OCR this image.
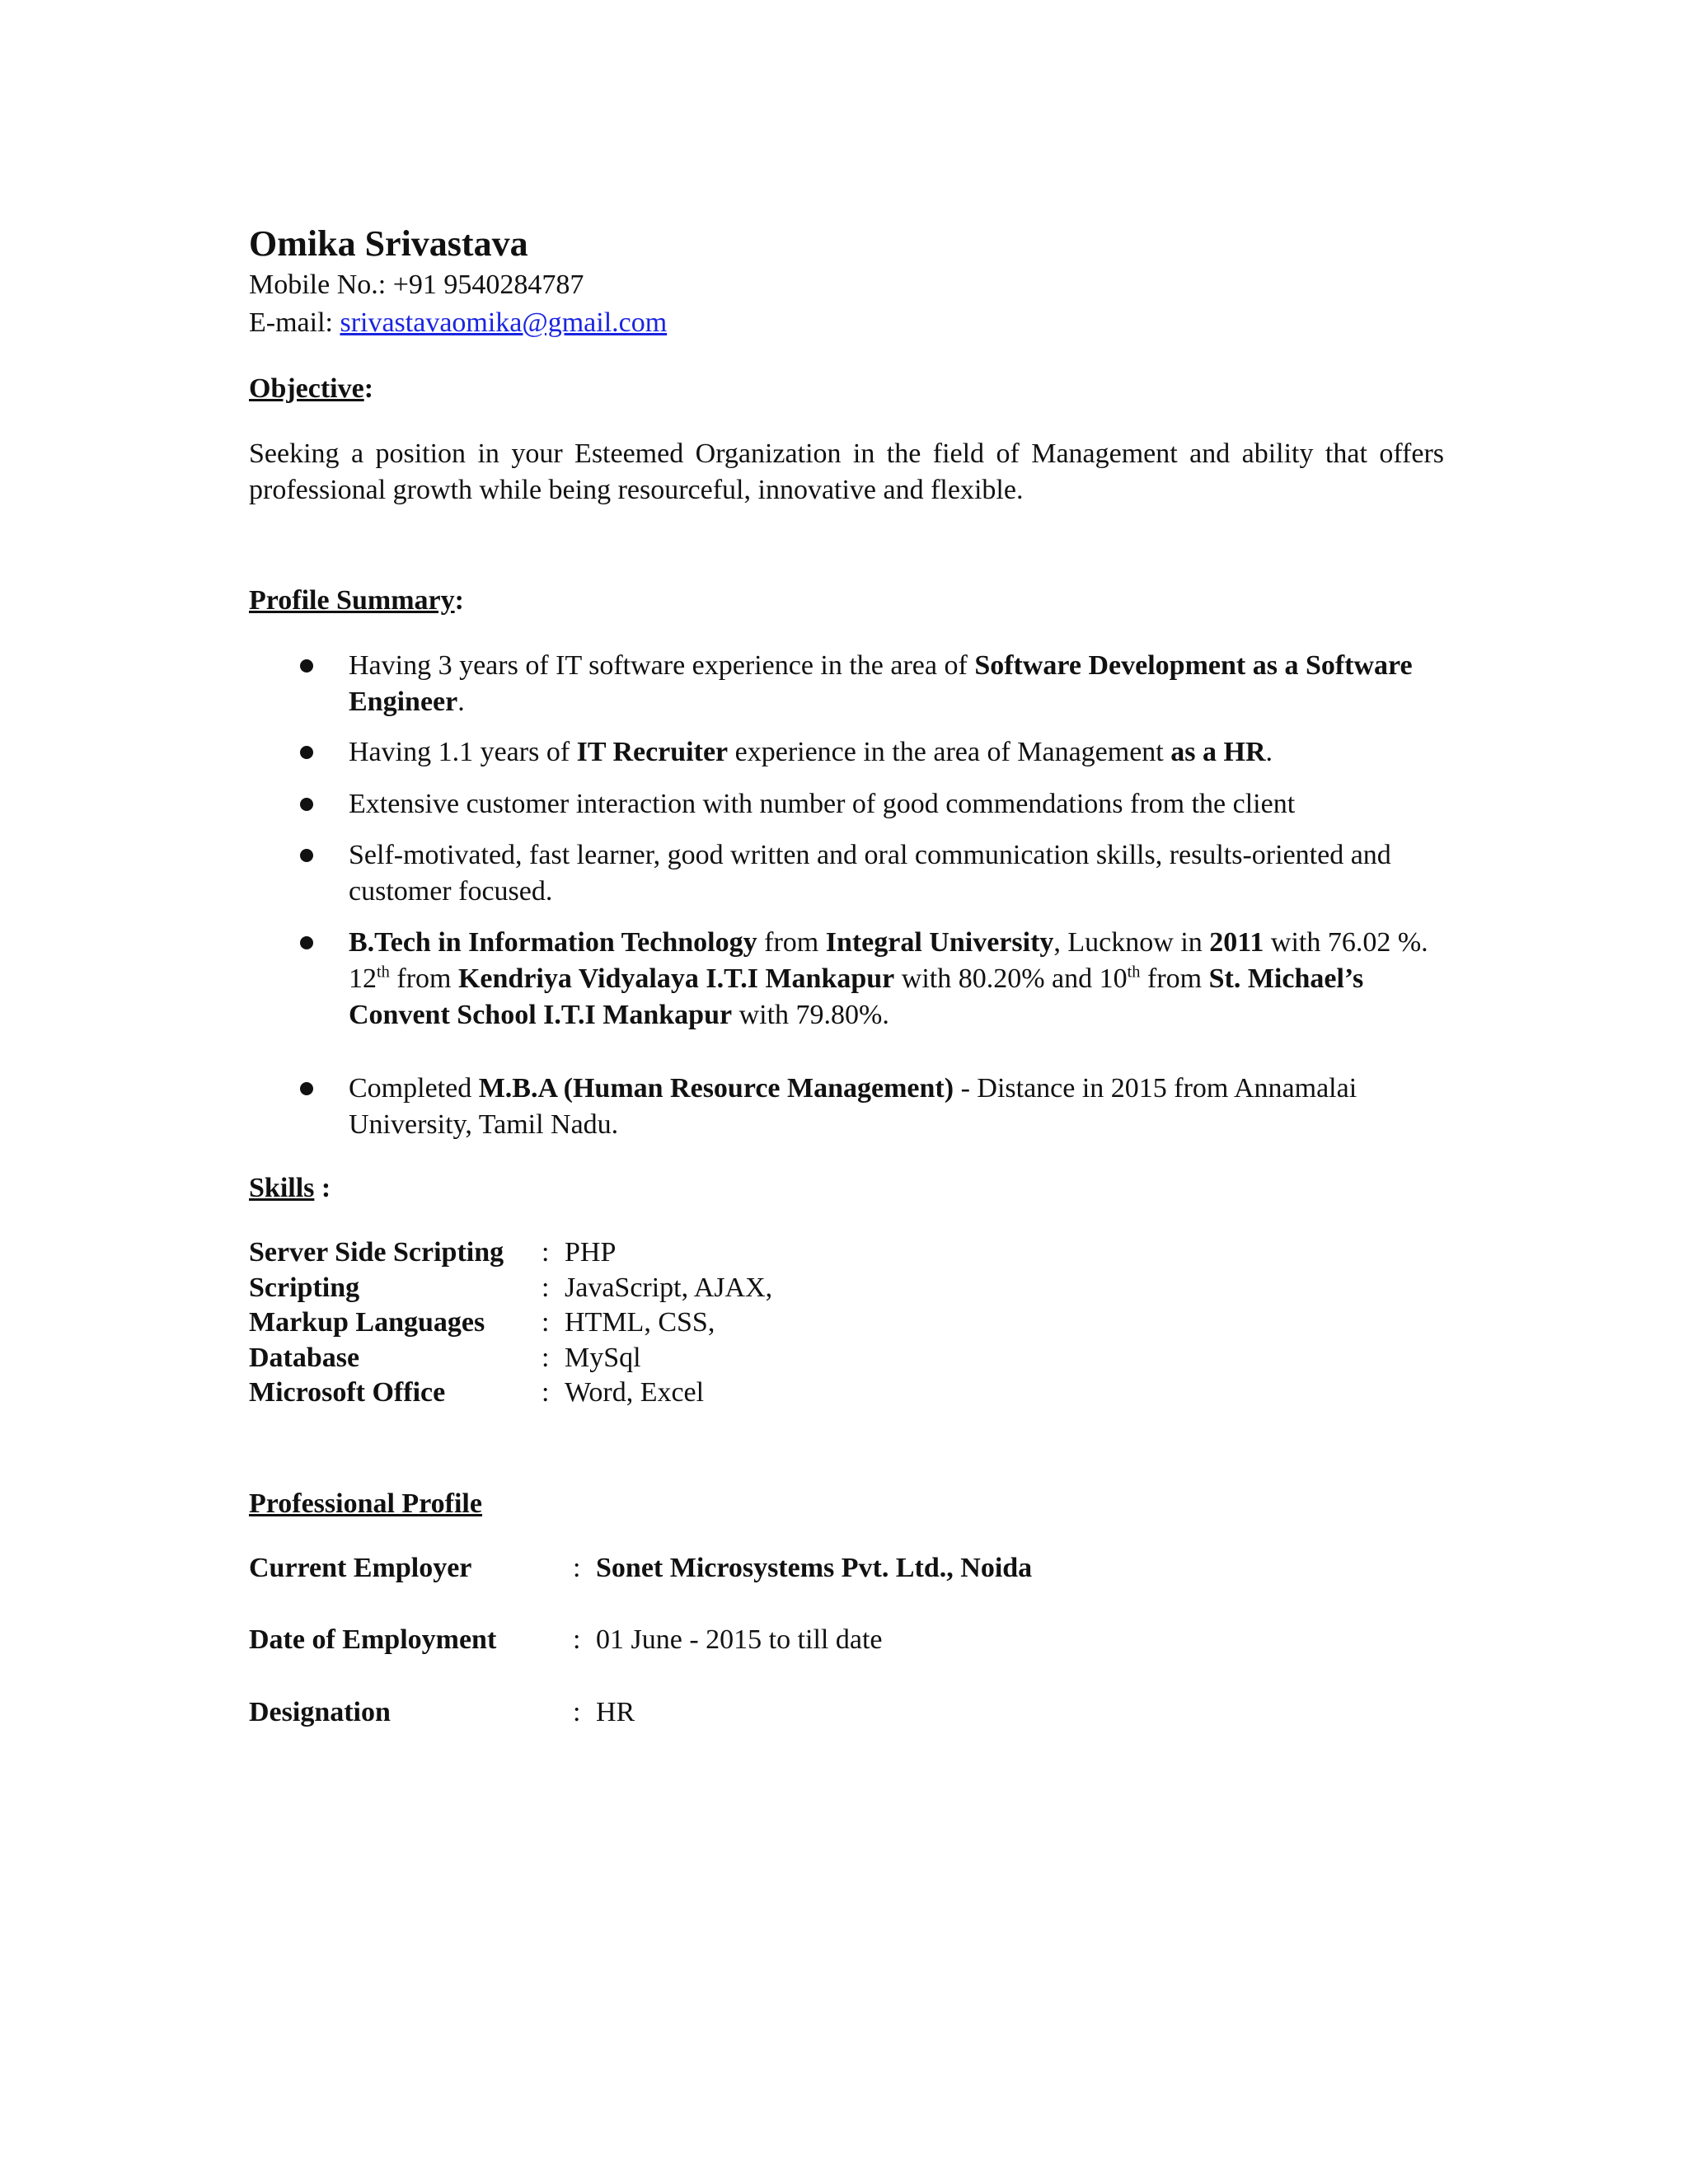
Omika Srivastava
Mobile No.: +91 9540284787
E-mail: srivastavaomika@gmail.com
Objective:

Seeking a position in your Esteemed Organization in the field of Management and ability that offers professional growth while being resourceful, innovative and flexible.

Profile Summary:
Having 3 years of IT software experience in the area of Software Development as a Software Engineer.
Having 1.1 years of IT Recruiter experience in the area of Management as a HR.
Extensive customer interaction with number of good commendations from the client
Self-motivated, fast learner, good written and oral communication skills, results-oriented and customer focused.
B.Tech in Information Technology from Integral University, Lucknow in 2011 with 76.02 %. 12th from Kendriya Vidyalaya I.T.I Mankapur with 80.20% and 10th from St. Michael’s Convent School I.T.I Mankapur with 79.80%.
Completed M.B.A (Human Resource Management) - Distance in 2015 from Annamalai University, Tamil Nadu.
Skills :
Server Side Scripting	: PHP
Scripting	: JavaScript, AJAX,
Markup Languages	: HTML, CSS,
Database	: MySql
Microsoft Office	: Word, Excel
Professional Profile
Current Employer	: Sonet Microsystems Pvt. Ltd., Noida
Date of Employment	: 01 June - 2015 to till date
Designation	: HR
